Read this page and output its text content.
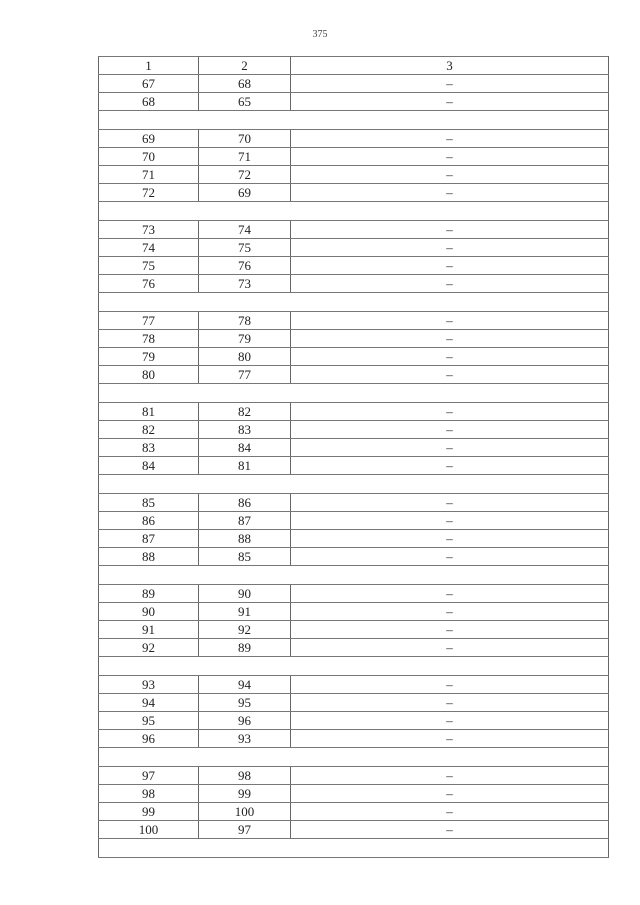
375
1	2	3
67	68	–
68	65	–

69	70	–
70	71	–
71	72	–
72	69	–

73	74	–
74	75	–
75	76	–
76	73	–

77	78	–
78	79	–
79	80	–
80	77	–

81	82	–
82	83	–
83	84	–
84	81	–

85	86	–
86	87	–
87	88	–
88	85	–

89	90	–
90	91	–
91	92	–
92	89	–

93	94	–
94	95	–
95	96	–
96	93	–

97	98	–
98	99	–
99	100	–
100	97	–
